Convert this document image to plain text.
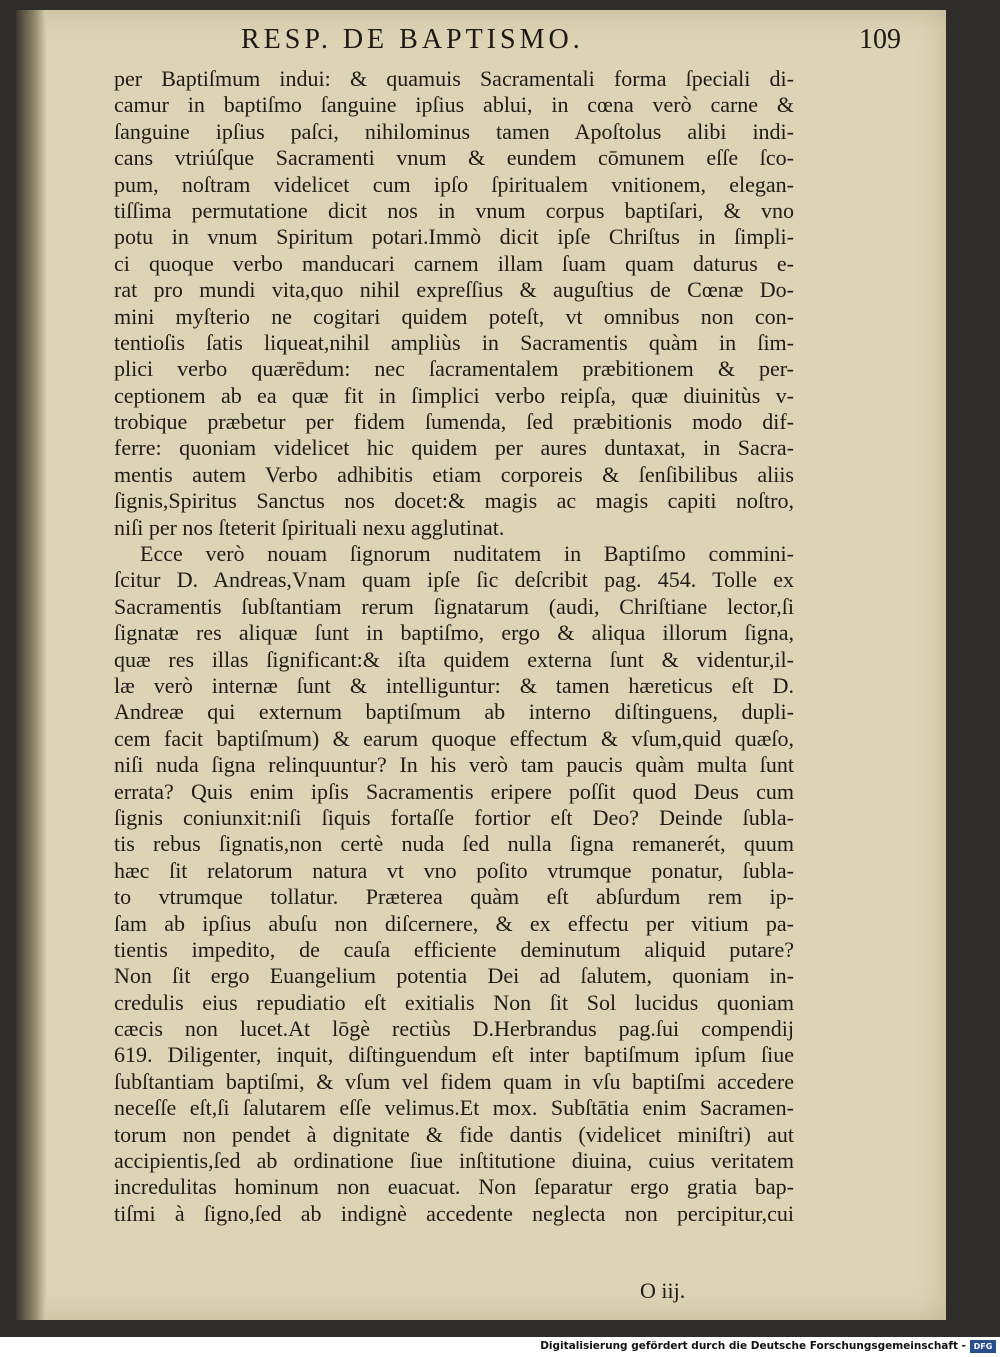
RESP. DE BAPTISMO.	109
per Baptiſmum indui: & quamuis Sacramentali forma ſpeciali di-
camur in baptiſmo ſanguine ipſius ablui, in cœna verò carne &
ſanguine ipſius paſci, nihilominus tamen Apoſtolus alibi indi-
cans vtriúſque Sacramenti vnum & eundem cōmunem eſſe ſco-
pum, noſtram videlicet cum ipſo ſpiritualem vnitionem, elegan-
tiſſima permutatione dicit nos in vnum corpus baptiſari, & vno
potu in vnum Spiritum potari.Immò dicit ipſe Chriſtus in ſimpli-
ci quoque verbo manducari carnem illam ſuam quam daturus e-
rat pro mundi vita,quo nihil expreſſius & auguſtius de Cœnæ Do-
mini myſterio ne cogitari quidem poteſt, vt omnibus non con-
tentioſis ſatis liqueat,nihil ampliùs in Sacramentis quàm in ſim-
plici verbo quærēdum: nec ſacramentalem præbitionem & per-
ceptionem ab ea quæ fit in ſimplici verbo reipſa, quæ diuinitùs v-
trobique præbetur per fidem ſumenda, ſed præbitionis modo dif-
ferre: quoniam videlicet hic quidem per aures duntaxat, in Sacra-
mentis autem Verbo adhibitis etiam corporeis & ſenſibilibus aliis
ſignis,Spiritus Sanctus nos docet:& magis ac magis capiti noſtro,
niſi per nos ſteterit ſpirituali nexu agglutinat.
Ecce verò nouam ſignorum nuditatem in Baptiſmo commini-
ſcitur D. Andreas,Vnam quam ipſe ſic deſcribit pag. 454. Tolle ex
Sacramentis ſubſtantiam rerum ſignatarum (audi, Chriſtiane lector,ſi
ſignatæ res aliquæ ſunt in baptiſmo, ergo & aliqua illorum ſigna,
quæ res illas ſignificant:& iſta quidem externa ſunt & videntur,il-
læ verò internæ ſunt & intelliguntur: & tamen hæreticus eſt D.
Andreæ qui externum baptiſmum ab interno diſtinguens, dupli-
cem facit baptiſmum) & earum quoque effectum & vſum,quid quæſo,
niſi nuda ſigna relinquuntur? In his verò tam paucis quàm multa ſunt
errata? Quis enim ipſis Sacramentis eripere poſſit quod Deus cum
ſignis coniunxit:niſi ſiquis fortaſſe fortior eſt Deo? Deinde ſubla-
tis rebus ſignatis,non certè nuda ſed nulla ſigna remanerét, quum
hæc ſit relatorum natura vt vno poſito vtrumque ponatur, ſubla-
to vtrumque tollatur. Præterea quàm eſt abſurdum rem ip-
ſam ab ipſius abuſu non diſcernere, & ex effectu per vitium pa-
tientis impedito, de cauſa efficiente deminutum aliquid putare?
Non ſit ergo Euangelium potentia Dei ad ſalutem, quoniam in-
credulis eius repudiatio eſt exitialis Non ſit Sol lucidus quoniam
cæcis non lucet.At lōgè rectiùs D.Herbrandus pag.ſui compendij
619. Diligenter, inquit, diſtinguendum eſt inter baptiſmum ipſum ſiue
ſubſtantiam baptiſmi, & vſum vel fidem quam in vſu baptiſmi accedere
neceſſe eſt,ſi ſalutarem eſſe velimus.Et mox. Subſtātia enim Sacramen-
torum non pendet à dignitate & fide dantis (videlicet miniſtri) aut
accipientis,ſed ab ordinatione ſiue inſtitutione diuina, cuius veritatem
incredulitas hominum non euacuat. Non ſeparatur ergo gratia bap-
tiſmi à ſigno,ſed ab indignè accedente neglecta non percipitur,cui
O iij.
Digitalisierung gefördert durch die Deutsche Forschungsgemeinschaft - DFG
